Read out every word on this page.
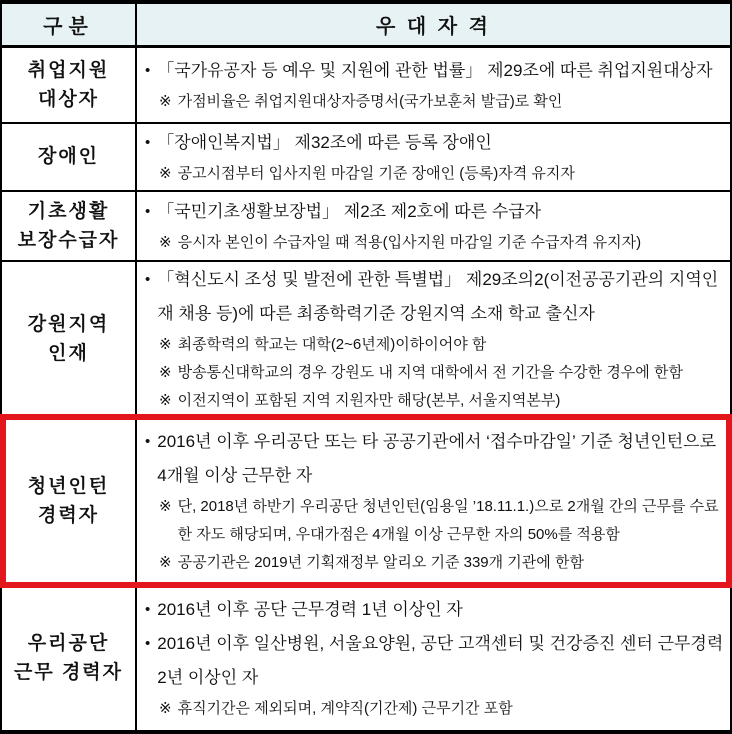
구분	우 대 자 격
취업지원
대상자
• 「국가유공자 등 예우 및 지원에 관한 법률」 제29조에 따른 취업지원대상자
※ 가점비율은 취업지원대상자증명서(국가보훈처 발급)로 확인
장애인
• 「장애인복지법」 제32조에 따른 등록 장애인
※ 공고시점부터 입사지원 마감일 기준 장애인 (등록)자격 유지자
기초생활
보장수급자
• 「국민기초생활보장법」 제2조 제2호에 따른 수급자
※ 응시자 본인이 수급자일 때 적용(입사지원 마감일 기준 수급자격 유지자)
강원지역
인재
• 「혁신도시 조성 및 발전에 관한 특별법」 제29조의2(이전공공기관의 지역인재 채용 등)에 따른 최종학력기준 강원지역 소재 학교 출신자
※ 최종학력의 학교는 대학(2~6년제)이하이어야 함
※ 방송통신대학교의 경우 강원도 내 지역 대학에서 전 기간을 수강한 경우에 한함
※ 이전지역이 포함된 지역 지원자만 해당(본부, 서울지역본부)
청년인턴
경력자
• 2016년 이후 우리공단 또는 타 공공기관에서 ‘접수마감일’ 기준 청년인턴으로 4개월 이상 근무한 자
※ 단, 2018년 하반기 우리공단 청년인턴(임용일 ’18.11.1.)으로 2개월 간의 근무를 수료한 자도 해당되며, 우대가점은 4개월 이상 근무한 자의 50%를 적용함
※ 공공기관은 2019년 기획재정부 알리오 기준 339개 기관에 한함
우리공단
근무 경력자
• 2016년 이후 공단 근무경력 1년 이상인 자
• 2016년 이후 일산병원, 서울요양원, 공단 고객센터 및 건강증진 센터 근무경력 2년 이상인 자
※ 휴직기간은 제외되며, 계약직(기간제) 근무기간 포함
